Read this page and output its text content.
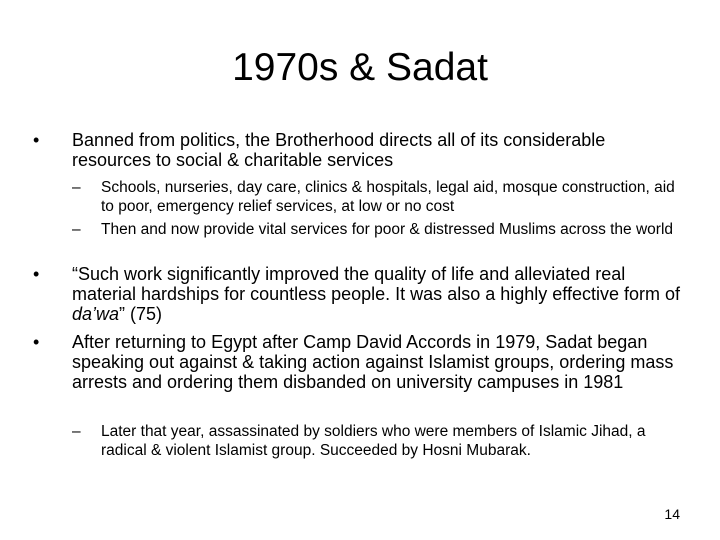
1970s & Sadat
• Banned from politics, the Brotherhood directs all of its considerable resources to social & charitable services
– Schools, nurseries, day care, clinics & hospitals, legal aid, mosque construction, aid to poor, emergency relief services, at low or no cost
– Then and now provide vital services for poor & distressed Muslims across the world
• “Such work significantly improved the quality of life and alleviated real material hardships for countless people. It was also a highly effective form of da’wa” (75)
• After returning to Egypt after Camp David Accords in 1979, Sadat began speaking out against & taking action against Islamist groups, ordering mass arrests and ordering them disbanded on university campuses in 1981
– Later that year, assassinated by soldiers who were members of Islamic Jihad, a radical & violent Islamist group. Succeeded by Hosni Mubarak.
14
